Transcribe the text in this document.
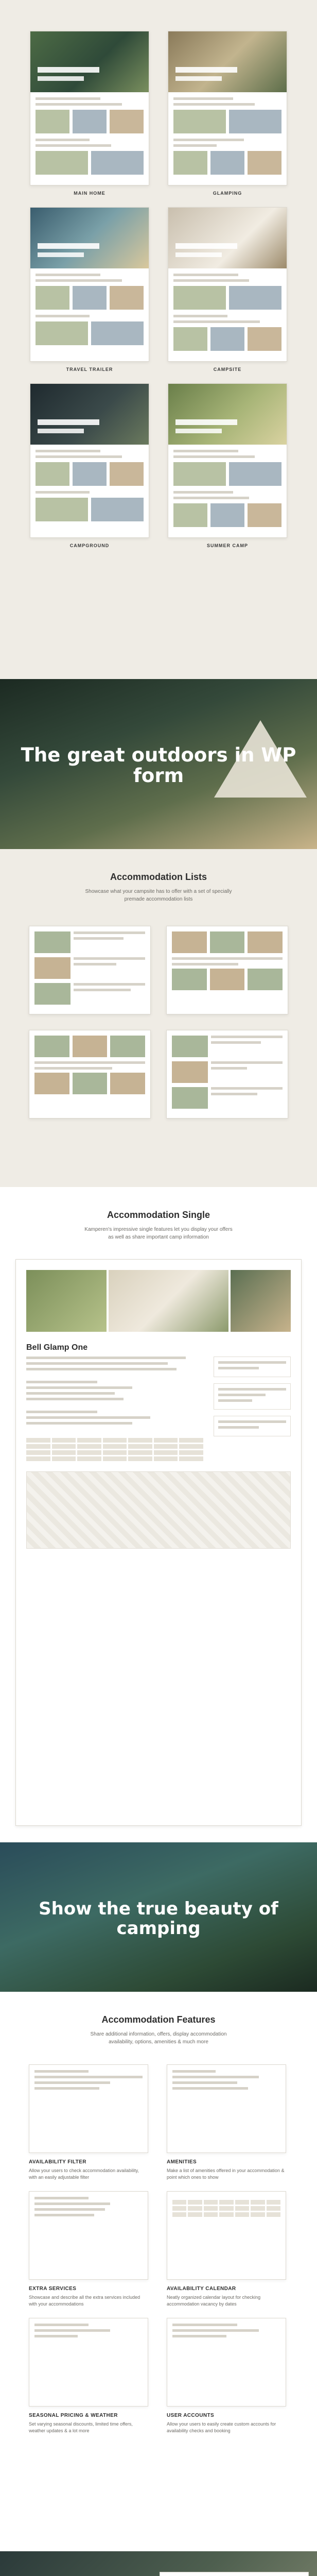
MAIN HOME	GLAMPING
TRAVEL TRAILER	CAMPSITE
CAMPGROUND	SUMMER CAMP
The great outdoors in WP form
Accommodation Lists
Showcase what your campsite has to offer with a set of specially premade accommodation lists
Accommodation Single
Kamperen's impressive single features let you display your offers as well as share important camp information
Bell Glamp One
Show the true beauty of camping
Accommodation Features
Share additional information, offers, display accommodation availability, options, amenities & much more
AVAILABILITY FILTER
Allow your users to check accommodation availability, with an easily adjustable filter
AMENITIES
Make a list of amenities offered in your accommodation & point which ones to show
EXTRA SERVICES
Showcase and describe all the extra services included with your accommodations
AVAILABILITY CALENDAR
Neatly organized calendar layout for checking accommodation vacancy by dates
SEASONAL PRICING & WEATHER
Set varying seasonal discounts, limited time offers, weather updates & a lot more
USER ACCOUNTS
Allow your users to easily create custom accounts for availability checks and booking
